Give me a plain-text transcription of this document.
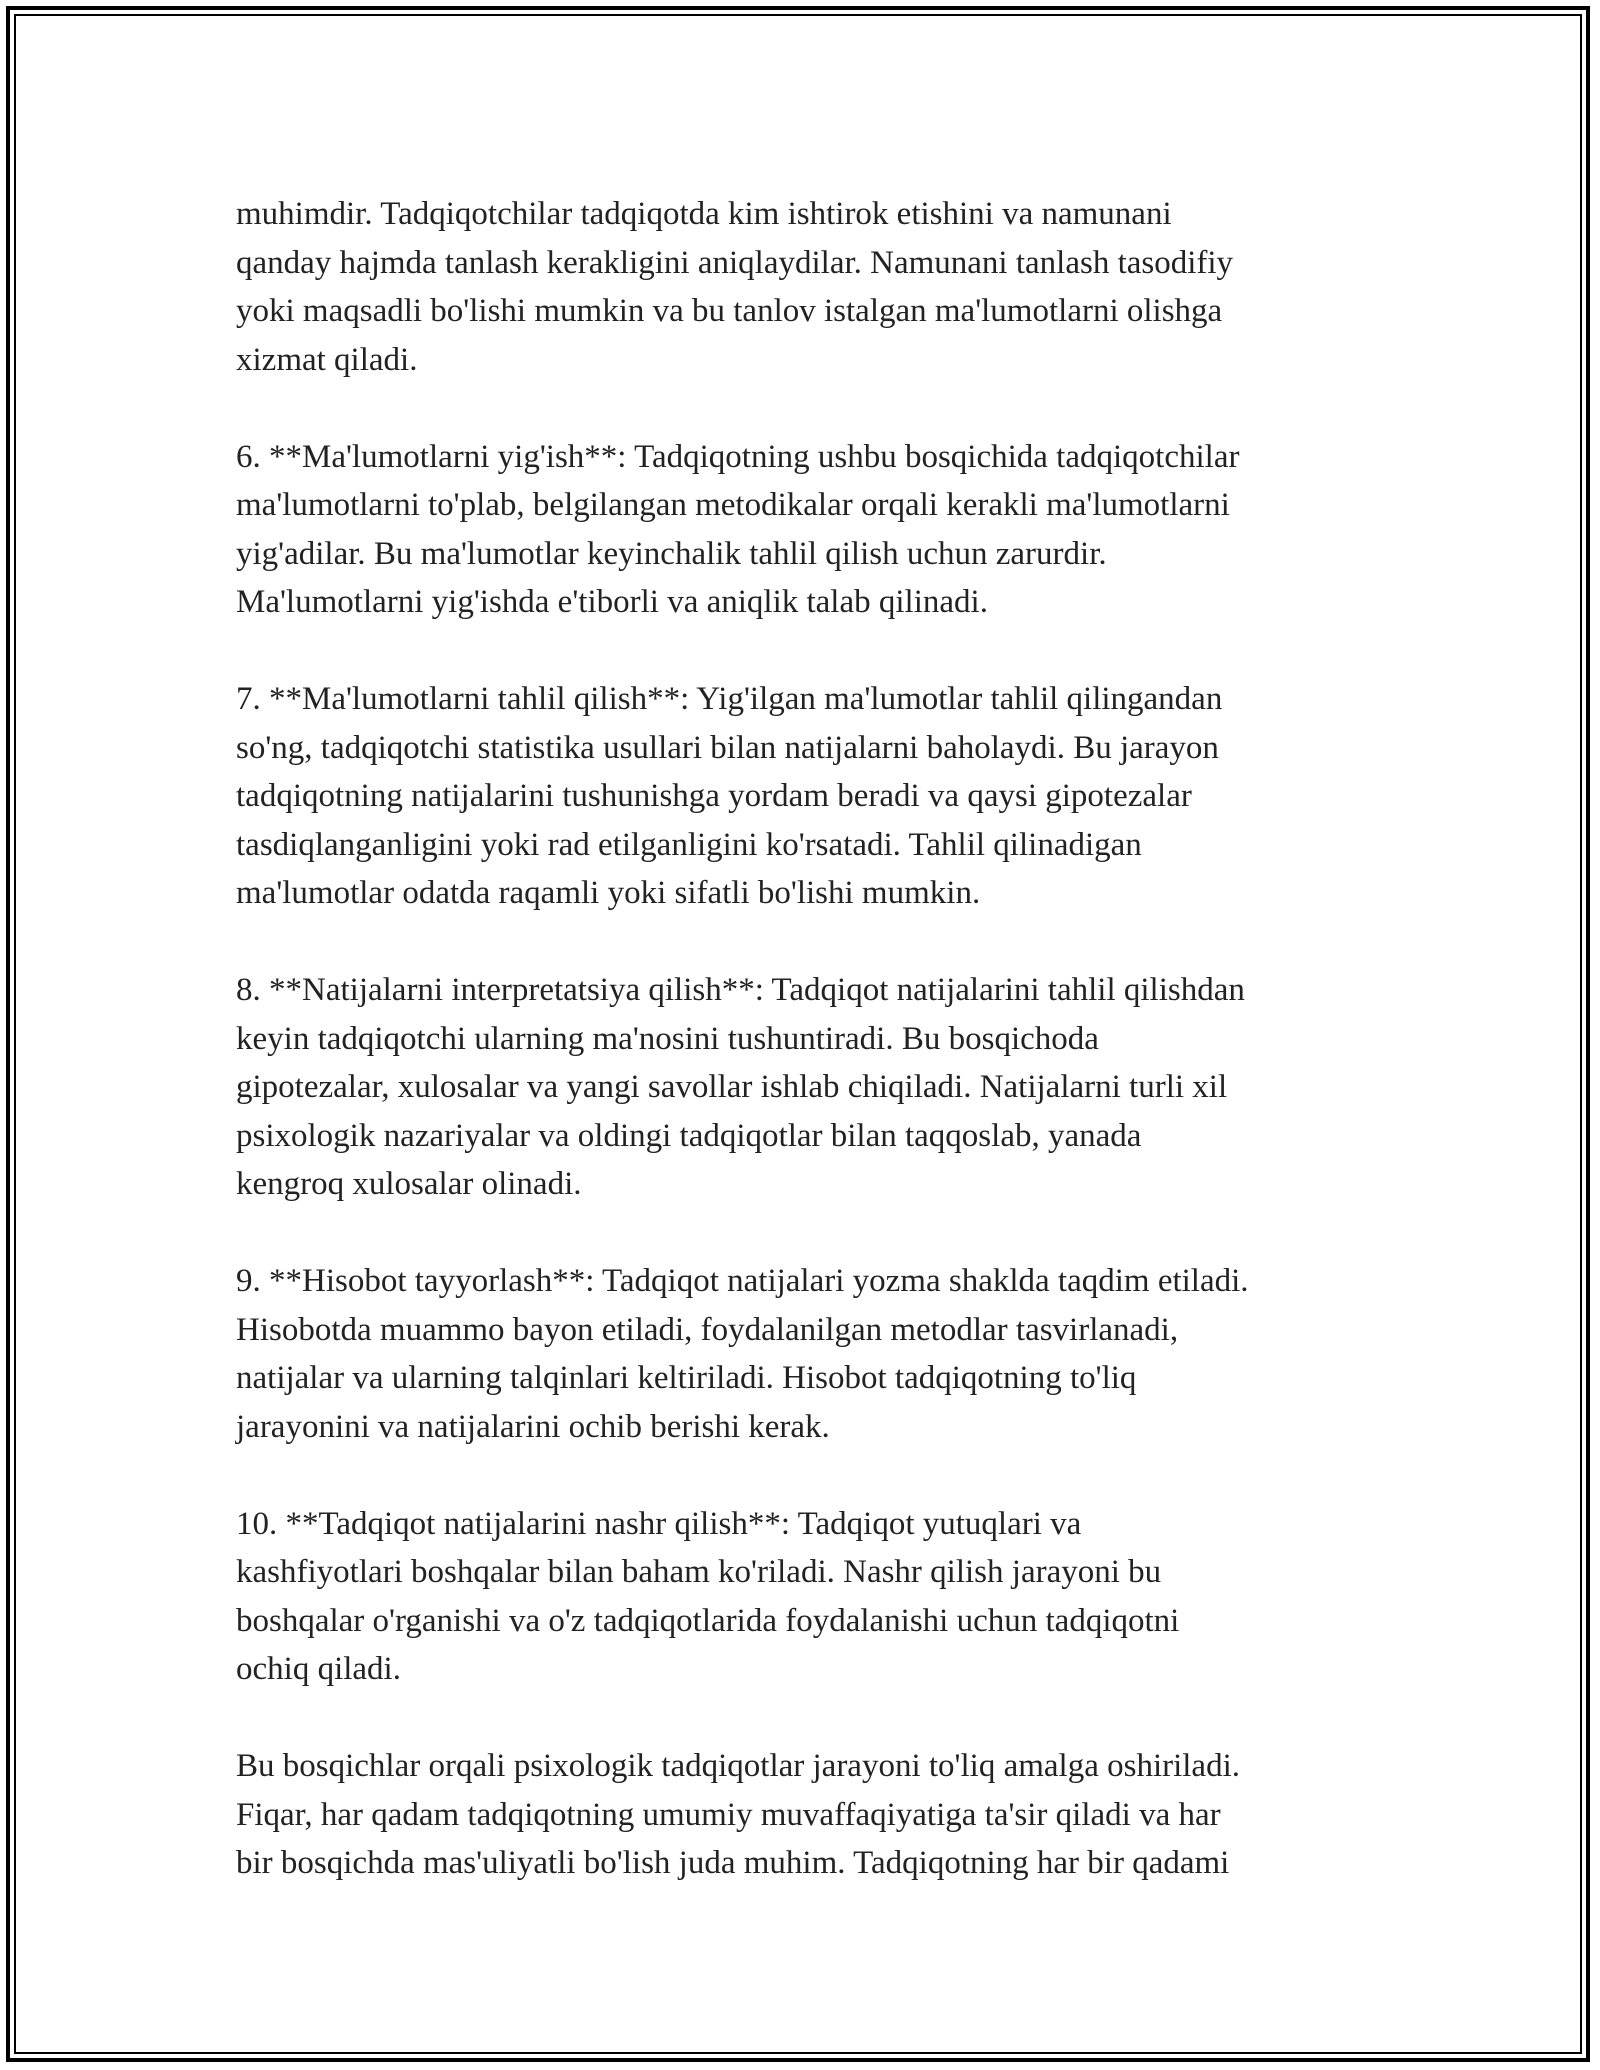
muhimdir. Tadqiqotchilar tadqiqotda kim ishtirok etishini va namunani
qanday hajmda tanlash kerakligini aniqlaydilar. Namunani tanlash tasodifiy
yoki maqsadli bo'lishi mumkin va bu tanlov istalgan ma'lumotlarni olishga
xizmat qiladi.

6. **Ma'lumotlarni yig'ish**: Tadqiqotning ushbu bosqichida tadqiqotchilar
ma'lumotlarni to'plab, belgilangan metodikalar orqali kerakli ma'lumotlarni
yig'adilar. Bu ma'lumotlar keyinchalik tahlil qilish uchun zarurdir.
Ma'lumotlarni yig'ishda e'tiborli va aniqlik talab qilinadi.

7. **Ma'lumotlarni tahlil qilish**: Yig'ilgan ma'lumotlar tahlil qilingandan
so'ng, tadqiqotchi statistika usullari bilan natijalarni baholaydi. Bu jarayon
tadqiqotning natijalarini tushunishga yordam beradi va qaysi gipotezalar
tasdiqlanganligini yoki rad etilganligini ko'rsatadi. Tahlil qilinadigan
ma'lumotlar odatda raqamli yoki sifatli bo'lishi mumkin.

8. **Natijalarni interpretatsiya qilish**: Tadqiqot natijalarini tahlil qilishdan
keyin tadqiqotchi ularning ma'nosini tushuntiradi. Bu bosqichoda
gipotezalar, xulosalar va yangi savollar ishlab chiqiladi. Natijalarni turli xil
psixologik nazariyalar va oldingi tadqiqotlar bilan taqqoslab, yanada
kengroq xulosalar olinadi.

9. **Hisobot tayyorlash**: Tadqiqot natijalari yozma shaklda taqdim etiladi.
Hisobotda muammo bayon etiladi, foydalanilgan metodlar tasvirlanadi,
natijalar va ularning talqinlari keltiriladi. Hisobot tadqiqotning to'liq
jarayonini va natijalarini ochib berishi kerak.

10. **Tadqiqot natijalarini nashr qilish**: Tadqiqot yutuqlari va
kashfiyotlari boshqalar bilan baham ko'riladi. Nashr qilish jarayoni bu
boshqalar o'rganishi va o'z tadqiqotlarida foydalanishi uchun tadqiqotni
ochiq qiladi.

Bu bosqichlar orqali psixologik tadqiqotlar jarayoni to'liq amalga oshiriladi.
Fiqar, har qadam tadqiqotning umumiy muvaffaqiyatiga ta'sir qiladi va har
bir bosqichda mas'uliyatli bo'lish juda muhim. Tadqiqotning har bir qadami
